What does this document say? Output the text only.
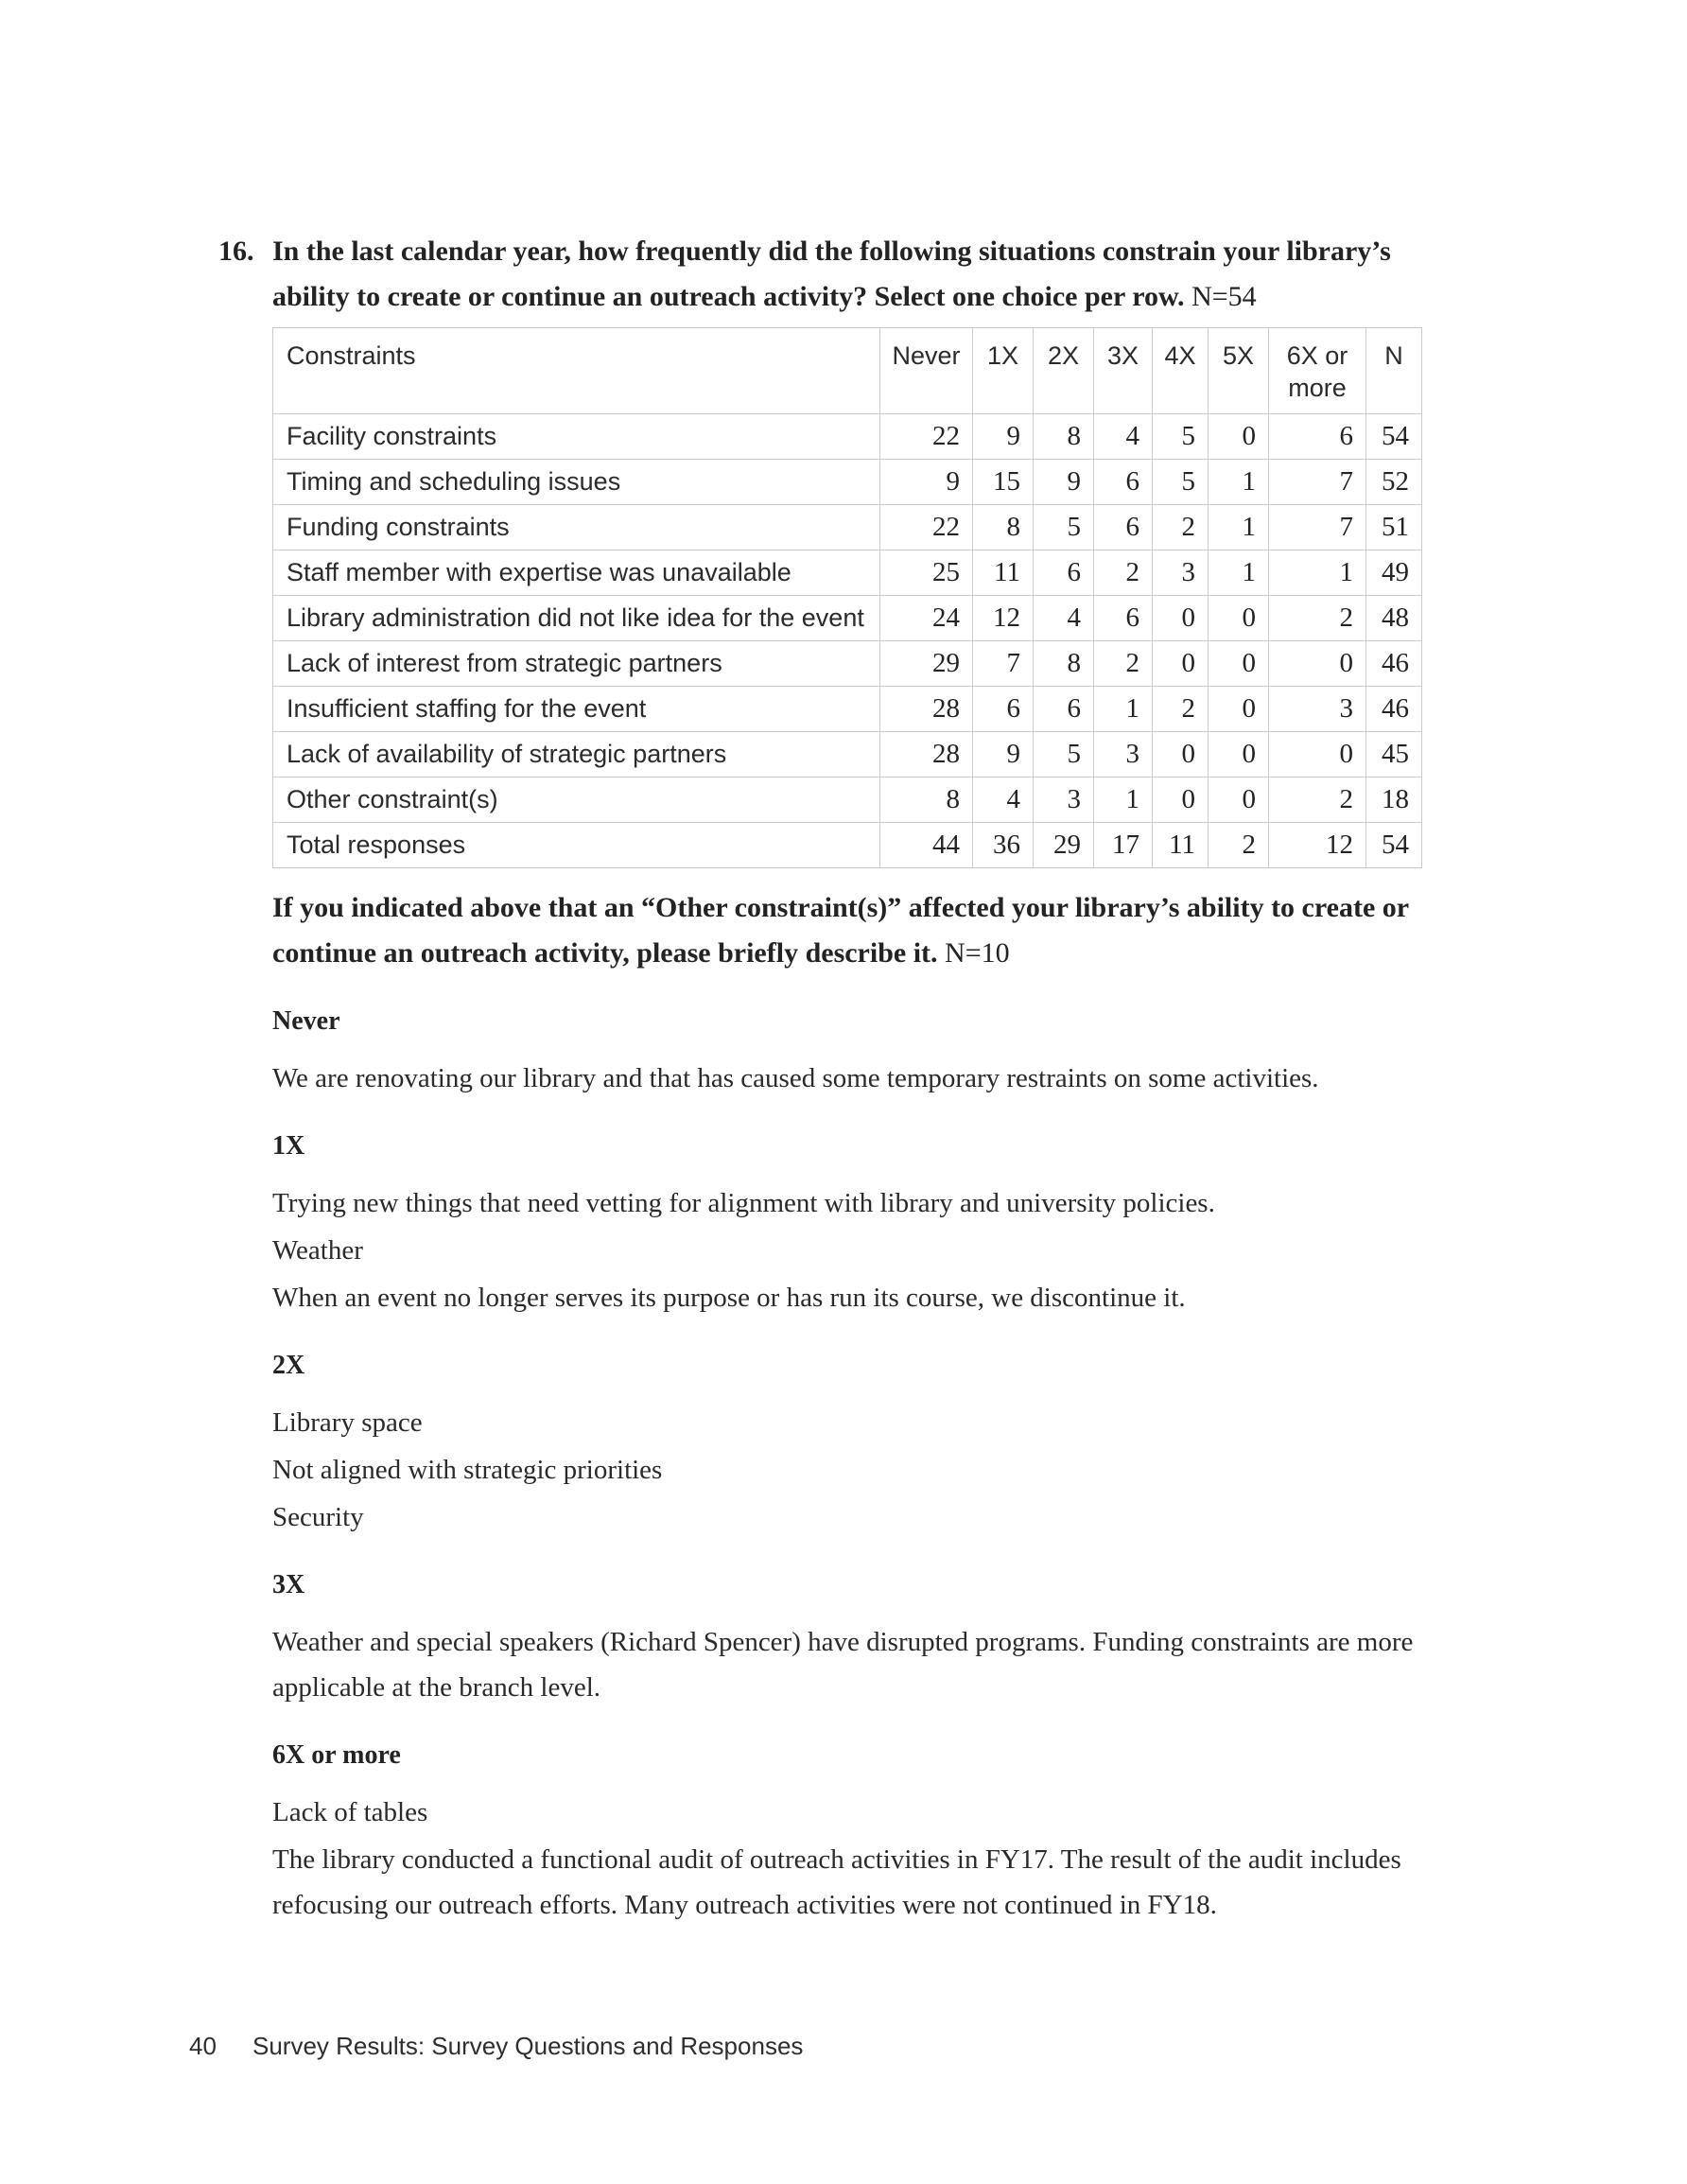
16. In the last calendar year, how frequently did the following situations constrain your library’s ability to create or continue an outreach activity? Select one choice per row. N=54
Constraints	Never	1X	2X	3X	4X	5X	6X or more	N
Facility constraints	22	9	8	4	5	0	6	54
Timing and scheduling issues	9	15	9	6	5	1	7	52
Funding constraints	22	8	5	6	2	1	7	51
Staff member with expertise was unavailable	25	11	6	2	3	1	1	49
Library administration did not like idea for the event	24	12	4	6	0	0	2	48
Lack of interest from strategic partners	29	7	8	2	0	0	0	46
Insufficient staffing for the event	28	6	6	1	2	0	3	46
Lack of availability of strategic partners	28	9	5	3	0	0	0	45
Other constraint(s)	8	4	3	1	0	0	2	18
Total responses	44	36	29	17	11	2	12	54
If you indicated above that an “Other constraint(s)” affected your library’s ability to create or continue an outreach activity, please briefly describe it. N=10
Never
We are renovating our library and that has caused some temporary restraints on some activities.
1X
Trying new things that need vetting for alignment with library and university policies.
Weather
When an event no longer serves its purpose or has run its course, we discontinue it.
2X
Library space
Not aligned with strategic priorities
Security
3X
Weather and special speakers (Richard Spencer) have disrupted programs. Funding constraints are more applicable at the branch level.
6X or more
Lack of tables
The library conducted a functional audit of outreach activities in FY17. The result of the audit includes refocusing our outreach efforts. Many outreach activities were not continued in FY18.
40 Survey Results: Survey Questions and Responses
